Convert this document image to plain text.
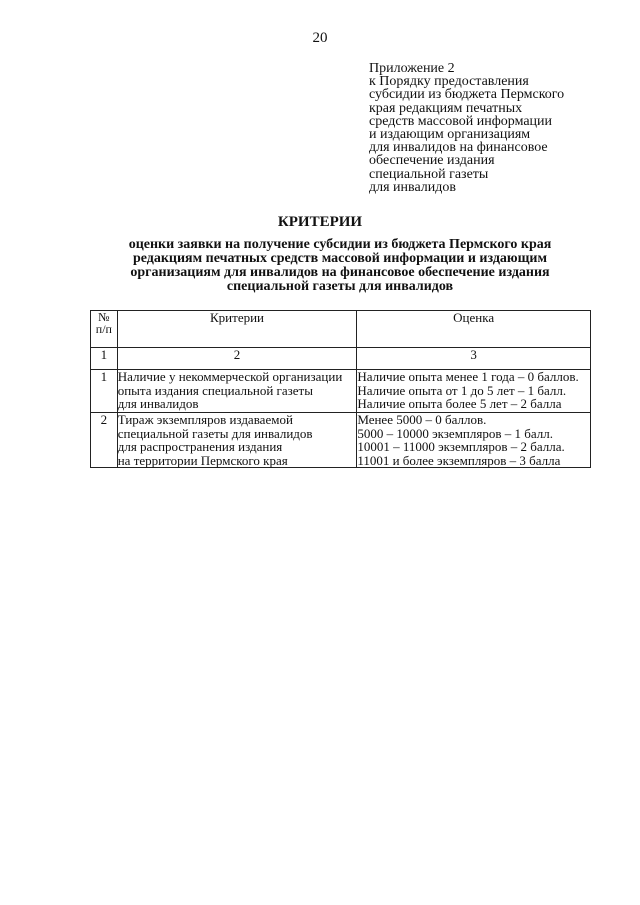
20
Приложение 2
к Порядку предоставления
субсидии из бюджета Пермского
края редакциям печатных
средств массовой информации
и издающим организациям
для инвалидов на финансовое
обеспечение издания
специальной газеты
для инвалидов
КРИТЕРИИ
оценки заявки на получение субсидии из бюджета Пермского края
редакциям печатных средств массовой информации и издающим
организациям для инвалидов на финансовое обеспечение издания
специальной газеты для инвалидов
№
п/п	Критерии	Оценка
1	2	3
1	Наличие у некоммерческой организации
опыта издания специальной газеты
для инвалидов	Наличие опыта менее 1 года – 0 баллов.
Наличие опыта от 1 до 5 лет – 1 балл.
Наличие опыта более 5 лет – 2 балла

2	Тираж экземпляров издаваемой
специальной газеты для инвалидов
для распространения издания
на территории Пермского края	Менее 5000 – 0 баллов.
5000 – 10000 экземпляров – 1 балл.
10001 – 11000 экземпляров – 2 балла.
11001 и более экземпляров – 3 балла
